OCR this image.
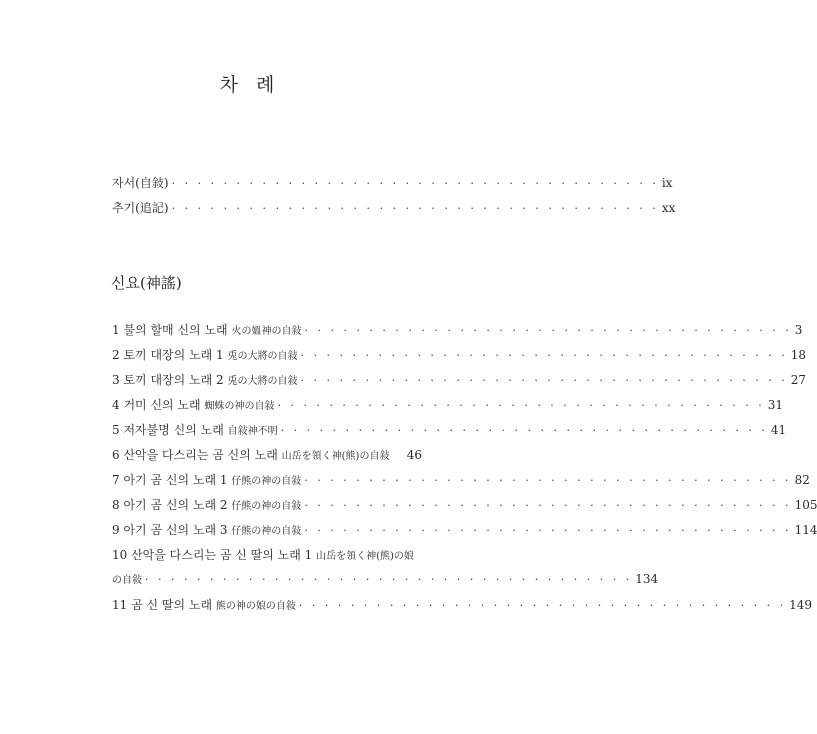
차 례
자서(自敍) · · · · · · · · · · · · · · · · · · · · · · · · · · · · · · · · · · · · · · ix
추기(追記) · · · · · · · · · · · · · · · · · · · · · · · · · · · · · · · · · · · · · · xx
신요(神謠)
1 불의 할매 신의 노래 火の媼神の自敍 · · · · · · · · · · · · · · · · · · · · · · · · · · · · · · · · · · · · · · 3
2 토끼 대장의 노래 1 兎の大將の自敍 · · · · · · · · · · · · · · · · · · · · · · · · · · · · · · · · · · · · · · 18
3 토끼 대장의 노래 2 兎の大將の自敍 · · · · · · · · · · · · · · · · · · · · · · · · · · · · · · · · · · · · · · 27
4 거미 신의 노래 蜘蛛の神の自敍 · · · · · · · · · · · · · · · · · · · · · · · · · · · · · · · · · · · · · · 31
5 저자불명 신의 노래 自敍神不明 · · · · · · · · · · · · · · · · · · · · · · · · · · · · · · · · · · · · · · 41
6 산악을 다스리는 곰 신의 노래 山岳を領く神(熊)の自敍 46
7 아기 곰 신의 노래 1 仔熊の神の自敍 · · · · · · · · · · · · · · · · · · · · · · · · · · · · · · · · · · · · · · 82
8 아기 곰 신의 노래 2 仔熊の神の自敍 · · · · · · · · · · · · · · · · · · · · · · · · · · · · · · · · · · · · · · 105
9 아기 곰 신의 노래 3 仔熊の神の自敍 · · · · · · · · · · · · · · · · · · · · · · · · · · · · · · · · · · · · · · 114
10 산악을 다스리는 곰 신 딸의 노래 1 山岳を領く神(熊)の娘
の自敍 · · · · · · · · · · · · · · · · · · · · · · · · · · · · · · · · · · · · · · 134
11 곰 신 딸의 노래 熊の神の娘の自敍 · · · · · · · · · · · · · · · · · · · · · · · · · · · · · · · · · · · · · · 149
